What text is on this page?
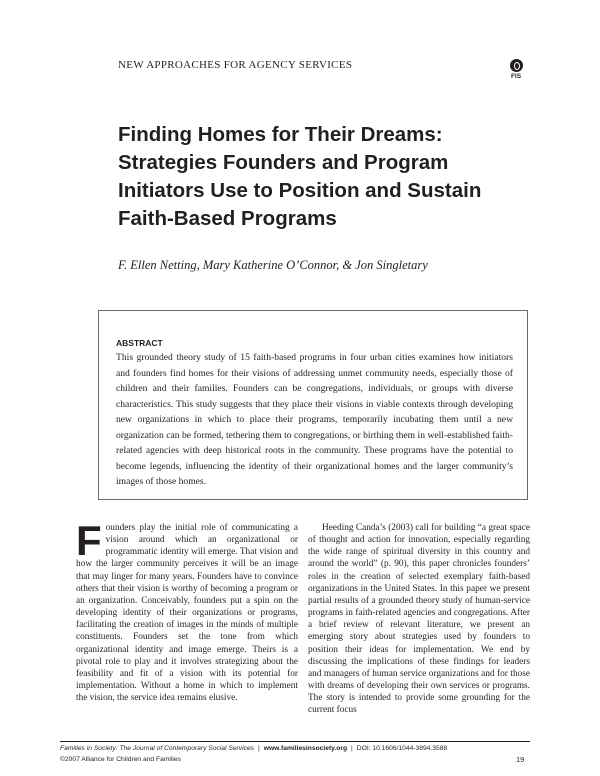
NEW APPROACHES FOR AGENCY SERVICES
FIS
Finding Homes for Their Dreams:
Strategies Founders and Program
Initiators Use to Position and Sustain
Faith-Based Programs
F. Ellen Netting, Mary Katherine O’Connor, & Jon Singletary
ABSTRACT

This grounded theory study of 15 faith-based programs in four urban cities examines how initiators and founders find homes for their visions of addressing unmet community needs, especially those of children and their families. Founders can be congregations, individuals, or groups with diverse characteristics. This study suggests that they place their visions in viable contexts through developing new organizations in which to place their programs, temporarily incubating them until a new organization can be formed, tethering them to congregations, or birthing them in well-established faith-related agencies with deep historical roots in the community. These programs have the potential to become legends, influencing the identity of their organizational homes and the larger community’s images of those homes.

Founders play the initial role of communicating a vision around which an organizational or programmatic identity will emerge. That vision and how the larger community perceives it will be an image that may linger for many years. Founders have to convince others that their vision is worthy of becoming a program or an organization. Conceivably, founders put a spin on the developing identity of their organizations or programs, facilitating the creation of images in the minds of multiple constituents. Founders set the tone from which organizational identity and image emerge. Theirs is a pivotal role to play and it involves strategizing about the feasibility and fit of a vision with its potential for implementation. Without a home in which to implement the vision, the service idea remains elusive.

Heeding Canda’s (2003) call for building “a great space of thought and action for innovation, especially regarding the wide range of spiritual diversity in this country and around the world” (p. 90), this paper chronicles founders’ roles in the creation of selected exemplary faith-based organizations in the United States. In this paper we present partial results of a grounded theory study of human-service programs in faith-related agencies and congregations. After a brief review of relevant literature, we present an emerging story about strategies used by founders to position their ideas for implementation. We end by discussing the implications of these findings for leaders and managers of human service organizations and for those with dreams of developing their own services or programs. The story is intended to provide some grounding for the current focus

Families in Society: The Journal of Contemporary Social Services | www.familiesinsociety.org | DOI: 10.1606/1044-3894.3588
©2007 Alliance for Children and Families	19
